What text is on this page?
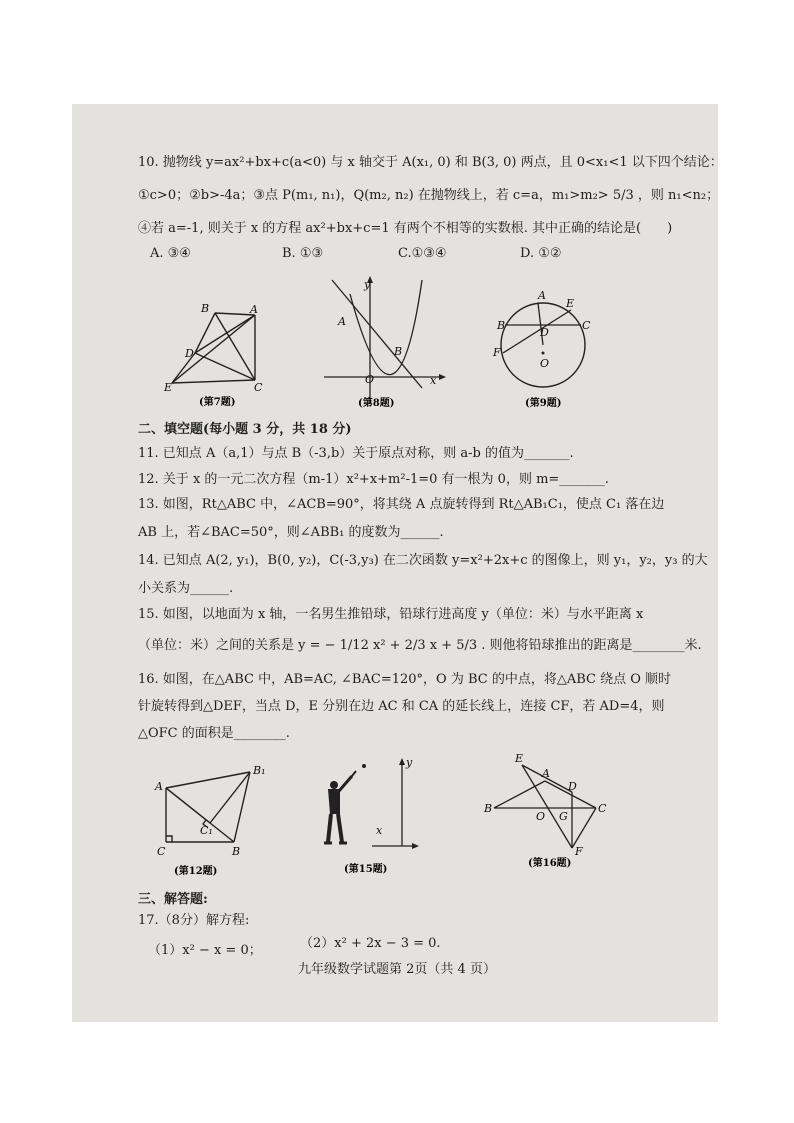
10. 抛物线 y=ax²+bx+c(a<0) 与 x 轴交于 A(x₁, 0) 和 B(3, 0) 两点，且 0<x₁<1 以下四个结论：
①c>0；②b>-4a；③点 P(m₁, n₁)，Q(m₂, n₂) 在抛物线上，若 c=a，m₁>m₂> 5/3 ，则 n₁<n₂；
④若 a=-1, 则关于 x 的方程 ax²+bx+c=1 有两个不相等的实数根. 其中正确的结论是(　　)
A. ③④	B. ①③	C.①③④	D. ①②
B	A
D
E	C
(第7题)
y
A
B
O	x
(第8题)
A
E
B
D
C
F
O
(第9题)
二、填空题(每小题 3 分，共 18 分)
11. 已知点 A（a,1）与点 B（-3,b）关于原点对称，则 a-b 的值为_______.
12. 关于 x 的一元二次方程（m-1）x²+x+m²-1=0 有一根为 0，则 m=_______.
13. 如图，Rt△ABC 中，∠ACB=90°，将其绕 A 点旋转得到 Rt△AB₁C₁，使点 C₁ 落在边
AB 上，若∠BAC=50°，则∠ABB₁ 的度数为______.
14. 已知点 A(2, y₁)，B(0, y₂)，C(-3,y₃) 在二次函数 y=x²+2x+c 的图像上，则 y₁，y₂，y₃ 的大
小关系为______.
15. 如图，以地面为 x 轴，一名男生推铅球，铅球行进高度 y（单位：米）与水平距离 x
（单位：米）之间的关系是 y = − 1/12 x² + 2/3 x + 5/3 . 则他将铅球推出的距离是________米.
16. 如图，在△ABC 中，AB=AC, ∠BAC=120°，O 为 BC 的中点，将△ABC 绕点 O 顺时
针旋转得到△DEF，当点 D，E 分别在边 AC 和 CA 的延长线上，连接 CF，若 AD=4，则
△OFC 的面积是________.
A
B₁
C₁
C	B
(第12题)
y
x
(第15题)
E
A
D
B
O G
C
F
(第16题)
三、解答题:
17.（8分）解方程:
（1）x² − x = 0；	（2）x² + 2x − 3 = 0.
九年级数学试题第 2页（共 4 页）
